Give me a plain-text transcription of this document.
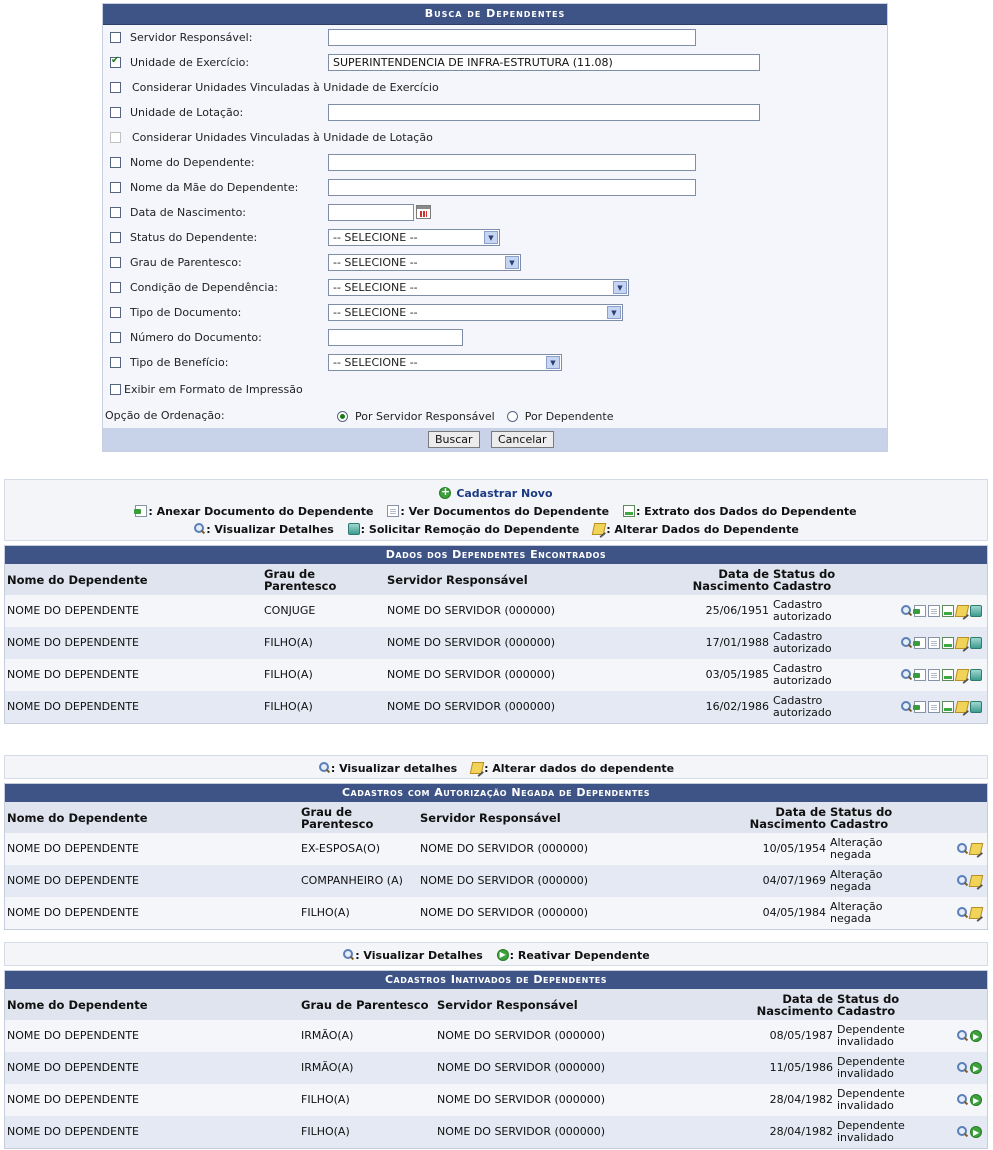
Busca de Dependentes
Servidor Responsável:
✔
Unidade de Exercício:	SUPERINTENDENCIA DE INFRA-ESTRUTURA (11.08)
Considerar Unidades Vinculadas à Unidade de Exercício
Unidade de Lotação:
Considerar Unidades Vinculadas à Unidade de Lotação
Nome do Dependente:
Nome da Mãe do Dependente:
Data de Nascimento:
Status do Dependente:	-- SELECIONE --	▼
Grau de Parentesco:	-- SELECIONE --	▼
Condição de Dependência:	-- SELECIONE --	▼
Tipo de Documento:	-- SELECIONE --	▼
Número do Documento:
Tipo de Benefício:	-- SELECIONE --	▼
Exibir em Formato de Impressão
Opção de Ordenação:	Por Servidor Responsável	Por Dependente
Buscar	Cancelar
+ Cadastrar Novo
: Anexar Documento do Dependente : Ver Documentos do Dependente : Extrato dos Dados do Dependente
: Visualizar Detalhes : Solicitar Remoção do Dependente : Alterar Dados do Dependente
Dados dos Dependentes Encontrados
Nome do Dependente	Grau de Parentesco	Servidor Responsável	Data de Nascimento	Status do Cadastro	
NOME DO DEPENDENTE	CONJUGE	NOME DO SERVIDOR (000000)	25/06/1951	Cadastro autorizado	
NOME DO DEPENDENTE	FILHO(A)	NOME DO SERVIDOR (000000)	17/01/1988	Cadastro autorizado	
NOME DO DEPENDENTE	FILHO(A)	NOME DO SERVIDOR (000000)	03/05/1985	Cadastro autorizado	
NOME DO DEPENDENTE	FILHO(A)	NOME DO SERVIDOR (000000)	16/02/1986	Cadastro autorizado	
: Visualizar detalhes : Alterar dados do dependente
Cadastros com Autorização Negada de Dependentes
Nome do Dependente	Grau de Parentesco	Servidor Responsável	Data de Nascimento	Status do Cadastro	
NOME DO DEPENDENTE	EX-ESPOSA(O)	NOME DO SERVIDOR (000000)	10/05/1954	Alteração negada	
NOME DO DEPENDENTE	COMPANHEIRO (A)	NOME DO SERVIDOR (000000)	04/07/1969	Alteração negada	
NOME DO DEPENDENTE	FILHO(A)	NOME DO SERVIDOR (000000)	04/05/1984	Alteração negada	
: Visualizar Detalhes ▶ : Reativar Dependente
Cadastros Inativados de Dependentes
Nome do Dependente	Grau de Parentesco	Servidor Responsável	Data de Nascimento	Status do Cadastro	
NOME DO DEPENDENTE	IRMÃO(A)	NOME DO SERVIDOR (000000)	08/05/1987	Dependente invalidado	▶
NOME DO DEPENDENTE	IRMÃO(A)	NOME DO SERVIDOR (000000)	11/05/1986	Dependente invalidado	▶
NOME DO DEPENDENTE	FILHO(A)	NOME DO SERVIDOR (000000)	28/04/1982	Dependente invalidado	▶
NOME DO DEPENDENTE	FILHO(A)	NOME DO SERVIDOR (000000)	28/04/1982	Dependente invalidado	▶
